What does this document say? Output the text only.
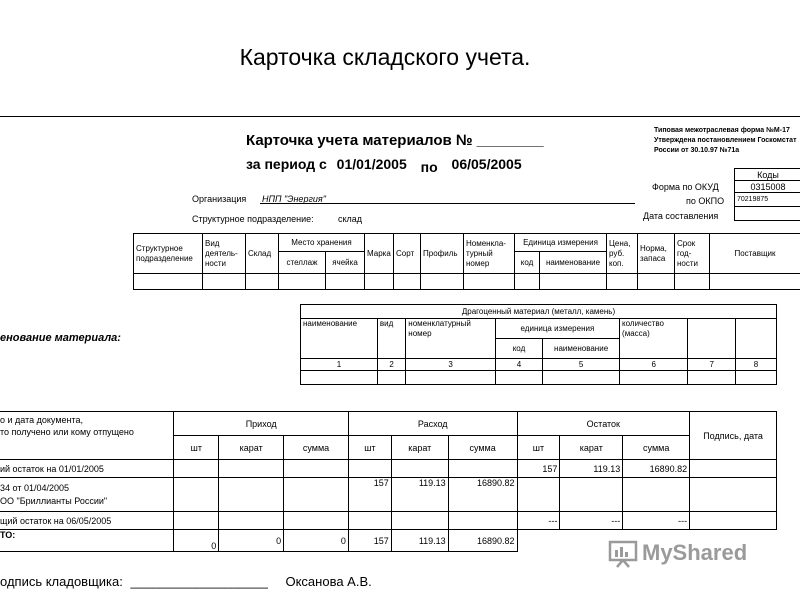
Карточка складского учета.
Карточка учета материалов № ________
за период с 01/01/2005 по 06/05/2005
Типовая межотраслевая форма №М-17
Утверждена постановлением Госкомстат
России от 30.10.97 №71а
Форма по ОКУД
по ОКПО
Дата составления
Коды
0315008
70219875

Организация НПП "Энергия"
Структурное подразделение:	склад
Структурное подразделение	Вид деятель-ности	Склад	Место хранения		Марка	Сорт	Профиль	Номенкла-турный номер	Единица измерения		Цена, руб. коп.	Норма, запаса	Срок год-ности	Поставщик
			стеллаж	ячейка					код	наименование				

енование материала:
Драгоценный материал (металл, камень)							
наименование	вид	номенклатурный номер	единица измерения		количество (масса)		
			код	наименование			
1	2	3	4	5	6	7	8

о и дата документа,
то получено или кому отпущено	Приход			Расход			Остаток			Подпись, дата
	шт	карат	сумма	шт	карат	сумма	шт	карат	сумма	
ий остаток на 01/01/2005							157	119.13	16890.82	

34 от 01/04/2005
ОО "Бриллианты России"				157	119.13	16890.82				
щий остаток на 06/05/2005							---	---	---	
ТО:	0	0	0	157	119.13	16890.82				
одпись кладовщика: ___________________ Оксанова А.В.
MyShared
